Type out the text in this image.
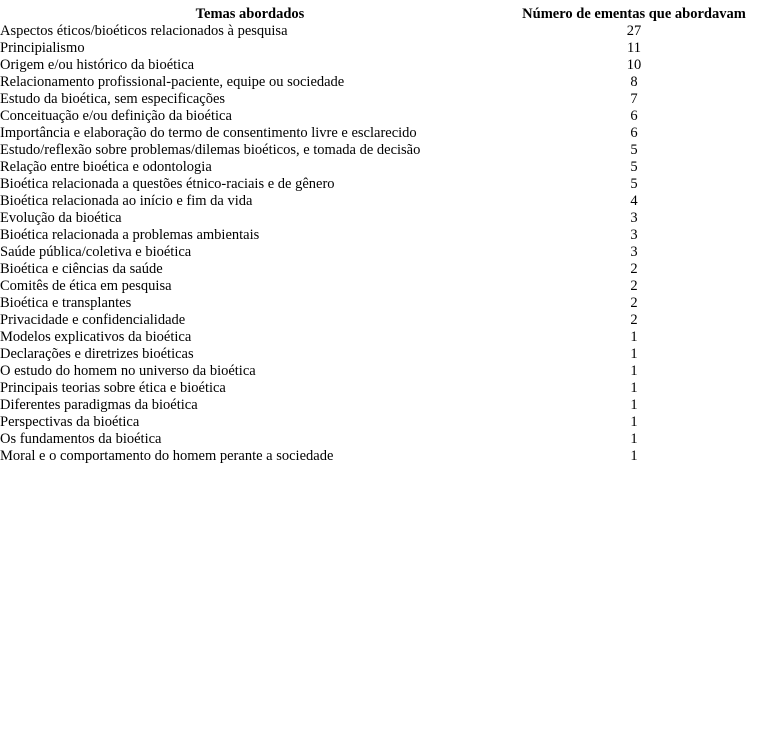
Temas abordados	Número de ementas que abordavam
Aspectos éticos/bioéticos relacionados à pesquisa	27
Principialismo	11
Origem e/ou histórico da bioética	10
Relacionamento profissional-paciente, equipe ou sociedade	8
Estudo da bioética, sem especificações	7
Conceituação e/ou definição da bioética	6
Importância e elaboração do termo de consentimento livre e esclarecido	6
Estudo/reflexão sobre problemas/dilemas bioéticos, e tomada de decisão	5
Relação entre bioética e odontologia	5
Bioética relacionada a questões étnico-raciais e de gênero	5
Bioética relacionada ao início e fim da vida	4
Evolução da bioética	3
Bioética relacionada a problemas ambientais	3
Saúde pública/coletiva e bioética	3
Bioética e ciências da saúde	2
Comitês de ética em pesquisa	2
Bioética e transplantes	2
Privacidade e confidencialidade	2
Modelos explicativos da bioética	1
Declarações e diretrizes bioéticas	1
O estudo do homem no universo da bioética	1
Principais teorias sobre ética e bioética	1
Diferentes paradigmas da bioética	1
Perspectivas da bioética	1
Os fundamentos da bioética	1
Moral e o comportamento do homem perante a sociedade	1
